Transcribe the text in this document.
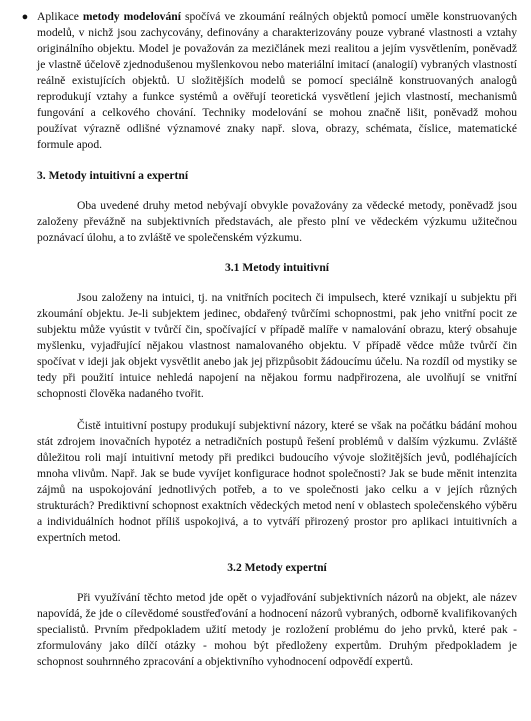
● Aplikace metody modelování spočívá ve zkoumání reálných objektů pomocí uměle konstruovaných modelů, v nichž jsou zachycovány, definovány a charakterizovány pouze vybrané vlastnosti a vztahy originálního objektu. Model je považován za mezičlánek mezi realitou a jejím vysvětlením, poněvadž je vlastně účelově zjednodušenou myšlenkovou nebo materiální imitací (analogií) vybraných vlastností reálně existujících objektů. U složitějších modelů se pomocí speciálně konstruovaných analogů reprodukují vztahy a funkce systémů a ověřují teoretická vysvětlení jejich vlastností, mechanismů fungování a celkového chování. Techniky modelování se mohou značně lišit, poněvadž mohou používat výrazně odlišné významové znaky např. slova, obrazy, schémata, číslice, matematické formule apod.
3. Metody intuitivní a expertní

Oba uvedené druhy metod nebývají obvykle považovány za vědecké metody, poněvadž jsou založeny převážně na subjektivních představách, ale přesto plní ve vědeckém výzkumu užitečnou poznávací úlohu, a to zvláště ve společenském výzkumu.

3.1 Metody intuitivní

Jsou založeny na intuici, tj. na vnitřních pocitech či impulsech, které vznikají u subjektu při zkoumání objektu. Je-li subjektem jedinec, obdařený tvůrčími schopnostmi, pak jeho vnitřní pocit ze subjektu může vyústit v tvůrčí čin, spočívající v případě malíře v namalování obrazu, který obsahuje myšlenku, vyjadřující nějakou vlastnost namalovaného objektu. V případě vědce může tvůrčí čin spočívat v ideji jak objekt vysvětlit anebo jak jej přizpůsobit žádoucímu účelu. Na rozdíl od mystiky se tedy při použití intuice nehledá napojení na nějakou formu nadpřirozena, ale uvolňují se vnitřní schopnosti člověka nadaného tvořit.

Čistě intuitivní postupy produkují subjektivní názory, které se však na počátku bádání mohou stát zdrojem inovačních hypotéz a netradičních postupů řešení problémů v dalším výzkumu. Zvláště důležitou roli mají intuitivní metody při predikci budoucího vývoje složitějších jevů, podléhajících mnoha vlivům. Např. Jak se bude vyvíjet konfigurace hodnot společnosti? Jak se bude měnit intenzita zájmů na uspokojování jednotlivých potřeb, a to ve společnosti jako celku a v jejích různých strukturách? Prediktivní schopnost exaktních vědeckých metod není v oblastech společenského výběru a individuálních hodnot příliš uspokojivá, a to vytváří přirozený prostor pro aplikaci intuitivních a expertních metod.

3.2 Metody expertní

Při využívání těchto metod jde opět o vyjadřování subjektivních názorů na objekt, ale název napovídá, že jde o cílevědomé soustřeďování a hodnocení názorů vybraných, odborně kvalifikovaných specialistů. Prvním předpokladem užití metody je rozložení problému do jeho prvků, které pak - zformulovány jako dílčí otázky - mohou být předloženy expertům. Druhým předpokladem je schopnost souhrnného zpracování a objektivního vyhodnocení odpovědí expertů.
